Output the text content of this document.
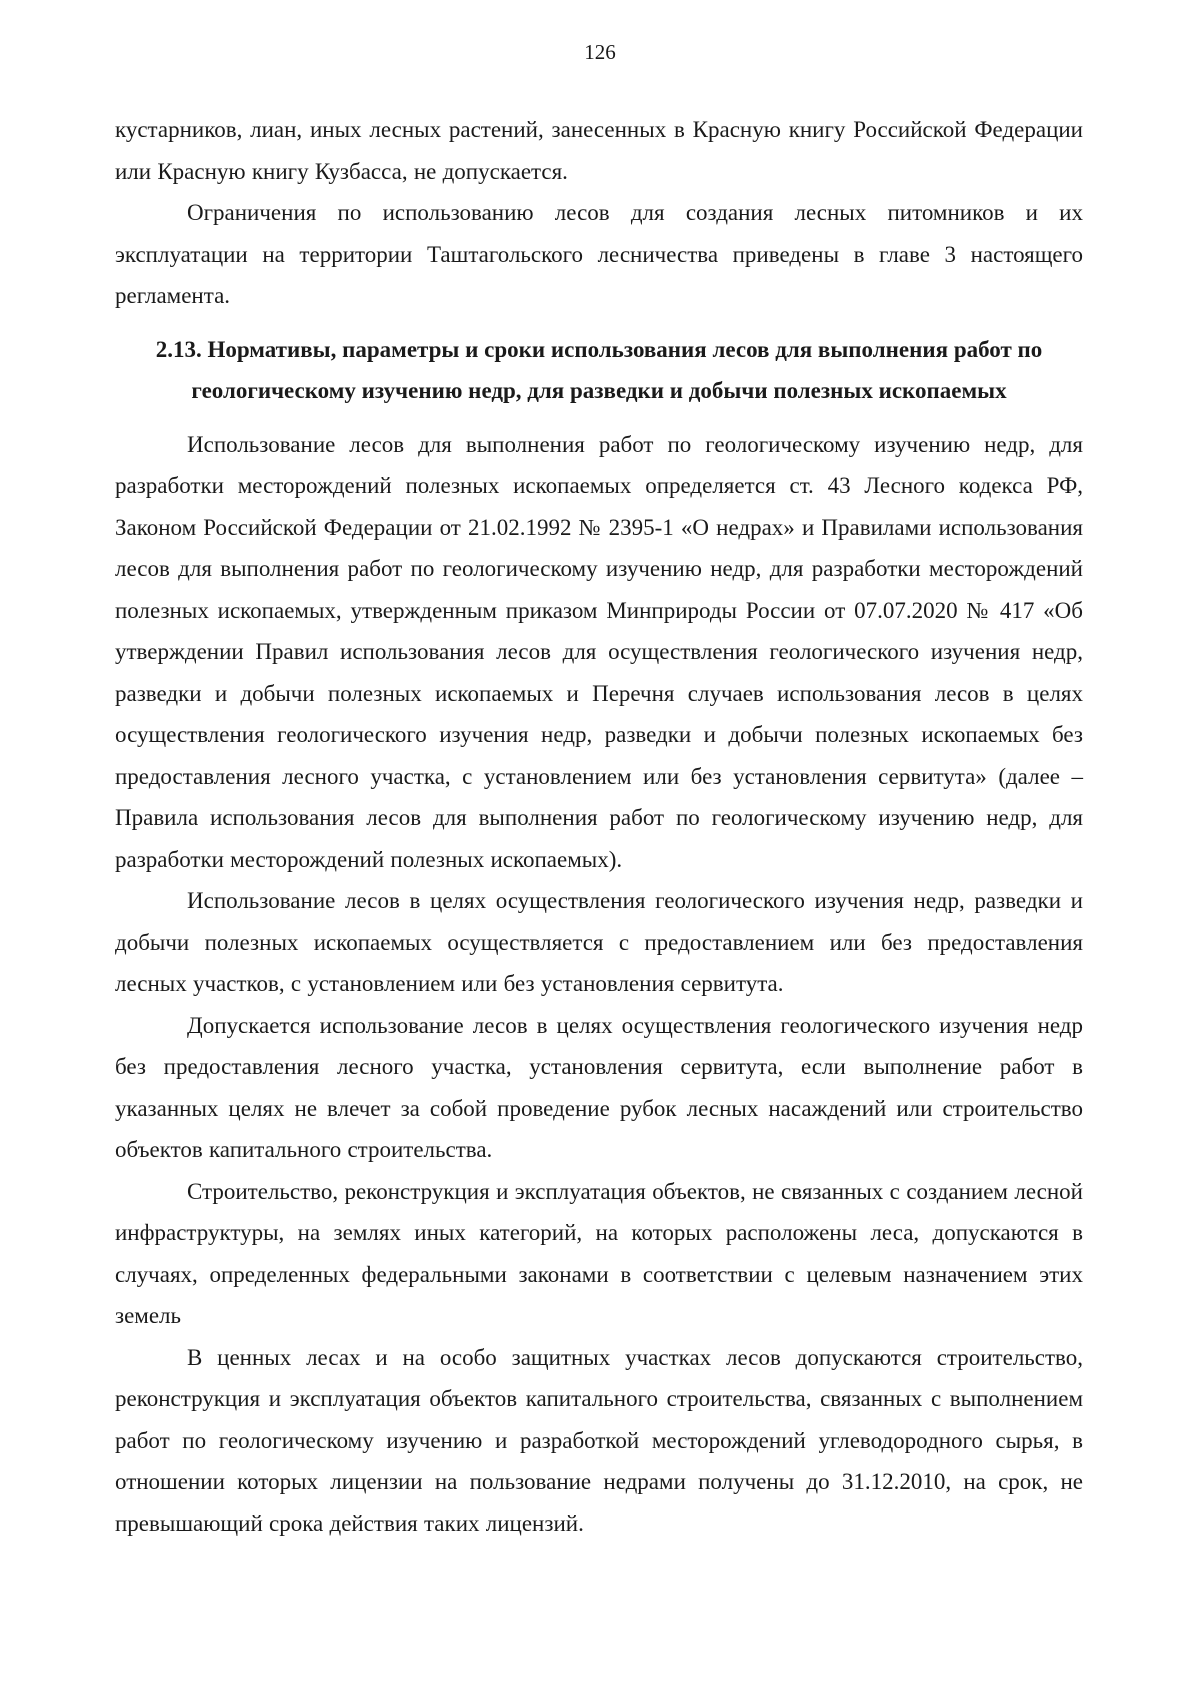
126

кустарников, лиан, иных лесных растений, занесенных в Красную книгу Российской Федерации или Красную книгу Кузбасса, не допускается.

Ограничения по использованию лесов для создания лесных питомников и их эксплуатации на территории Таштагольского лесничества приведены в главе 3 настоящего регламента.

2.13. Нормативы, параметры и сроки использования лесов для выполнения работ по геологическому изучению недр, для разведки и добычи полезных ископаемых

Использование лесов для выполнения работ по геологическому изучению недр, для разработки месторождений полезных ископаемых определяется ст. 43 Лесного кодекса РФ, Законом Российской Федерации от 21.02.1992 № 2395-1 «О недрах» и Правилами использования лесов для выполнения работ по геологическому изучению недр, для разработки месторождений полезных ископаемых, утвержденным приказом Минприроды России от 07.07.2020 № 417 «Об утверждении Правил использования лесов для осуществления геологического изучения недр, разведки и добычи полезных ископаемых и Перечня случаев использования лесов в целях осуществления геологического изучения недр, разведки и добычи полезных ископаемых без предоставления лесного участка, с установлением или без установления сервитута» (далее – Правила использования лесов для выполнения работ по геологическому изучению недр, для разработки месторождений полезных ископаемых).

Использование лесов в целях осуществления геологического изучения недр, разведки и добычи полезных ископаемых осуществляется с предоставлением или без предоставления лесных участков, с установлением или без установления сервитута.

Допускается использование лесов в целях осуществления геологического изучения недр без предоставления лесного участка, установления сервитута, если выполнение работ в указанных целях не влечет за собой проведение рубок лесных насаждений или строительство объектов капитального строительства.

Строительство, реконструкция и эксплуатация объектов, не связанных с созданием лесной инфраструктуры, на землях иных категорий, на которых расположены леса, допускаются в случаях, определенных федеральными законами в соответствии с целевым назначением этих земель

В ценных лесах и на особо защитных участках лесов допускаются строительство, реконструкция и эксплуатация объектов капитального строительства, связанных с выполнением работ по геологическому изучению и разработкой месторождений углеводородного сырья, в отношении которых лицензии на пользование недрами получены до 31.12.2010, на срок, не превышающий срока действия таких лицензий.
